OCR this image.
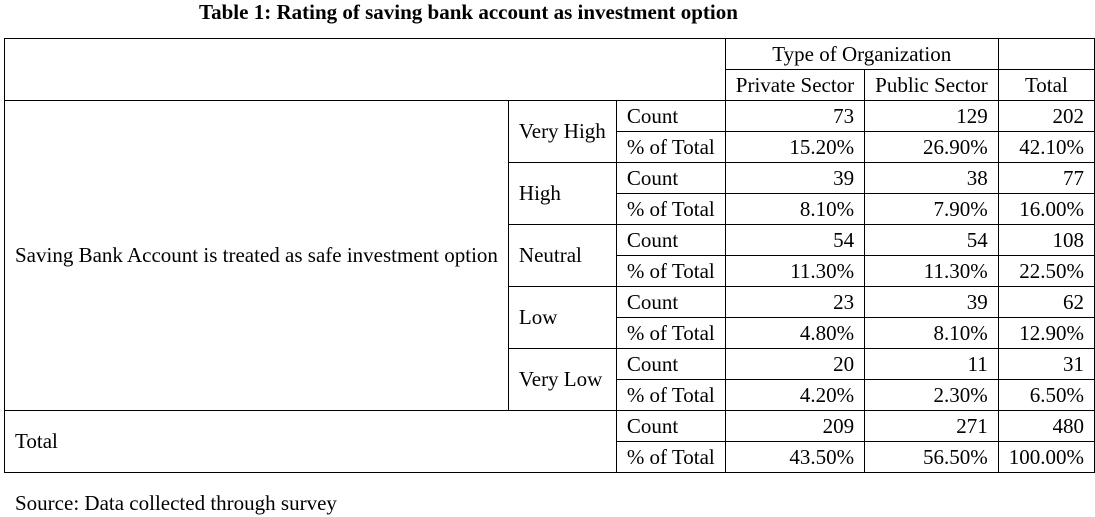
Table 1: Rating of saving bank account as investment option
			Type of Organization		
			Private Sector	Public Sector	Total
Saving Bank Account is treated as safe investment option	Very High	Count	73	129	202
		% of Total	15.20%	26.90%	42.10%
	High	Count	39	38	77
		% of Total	8.10%	7.90%	16.00%
	Neutral	Count	54	54	108
		% of Total	11.30%	11.30%	22.50%
	Low	Count	23	39	62
		% of Total	4.80%	8.10%	12.90%
	Very Low	Count	20	11	31
		% of Total	4.20%	2.30%	6.50%
Total		Count	209	271	480
		% of Total	43.50%	56.50%	100.00%
Source: Data collected through survey
